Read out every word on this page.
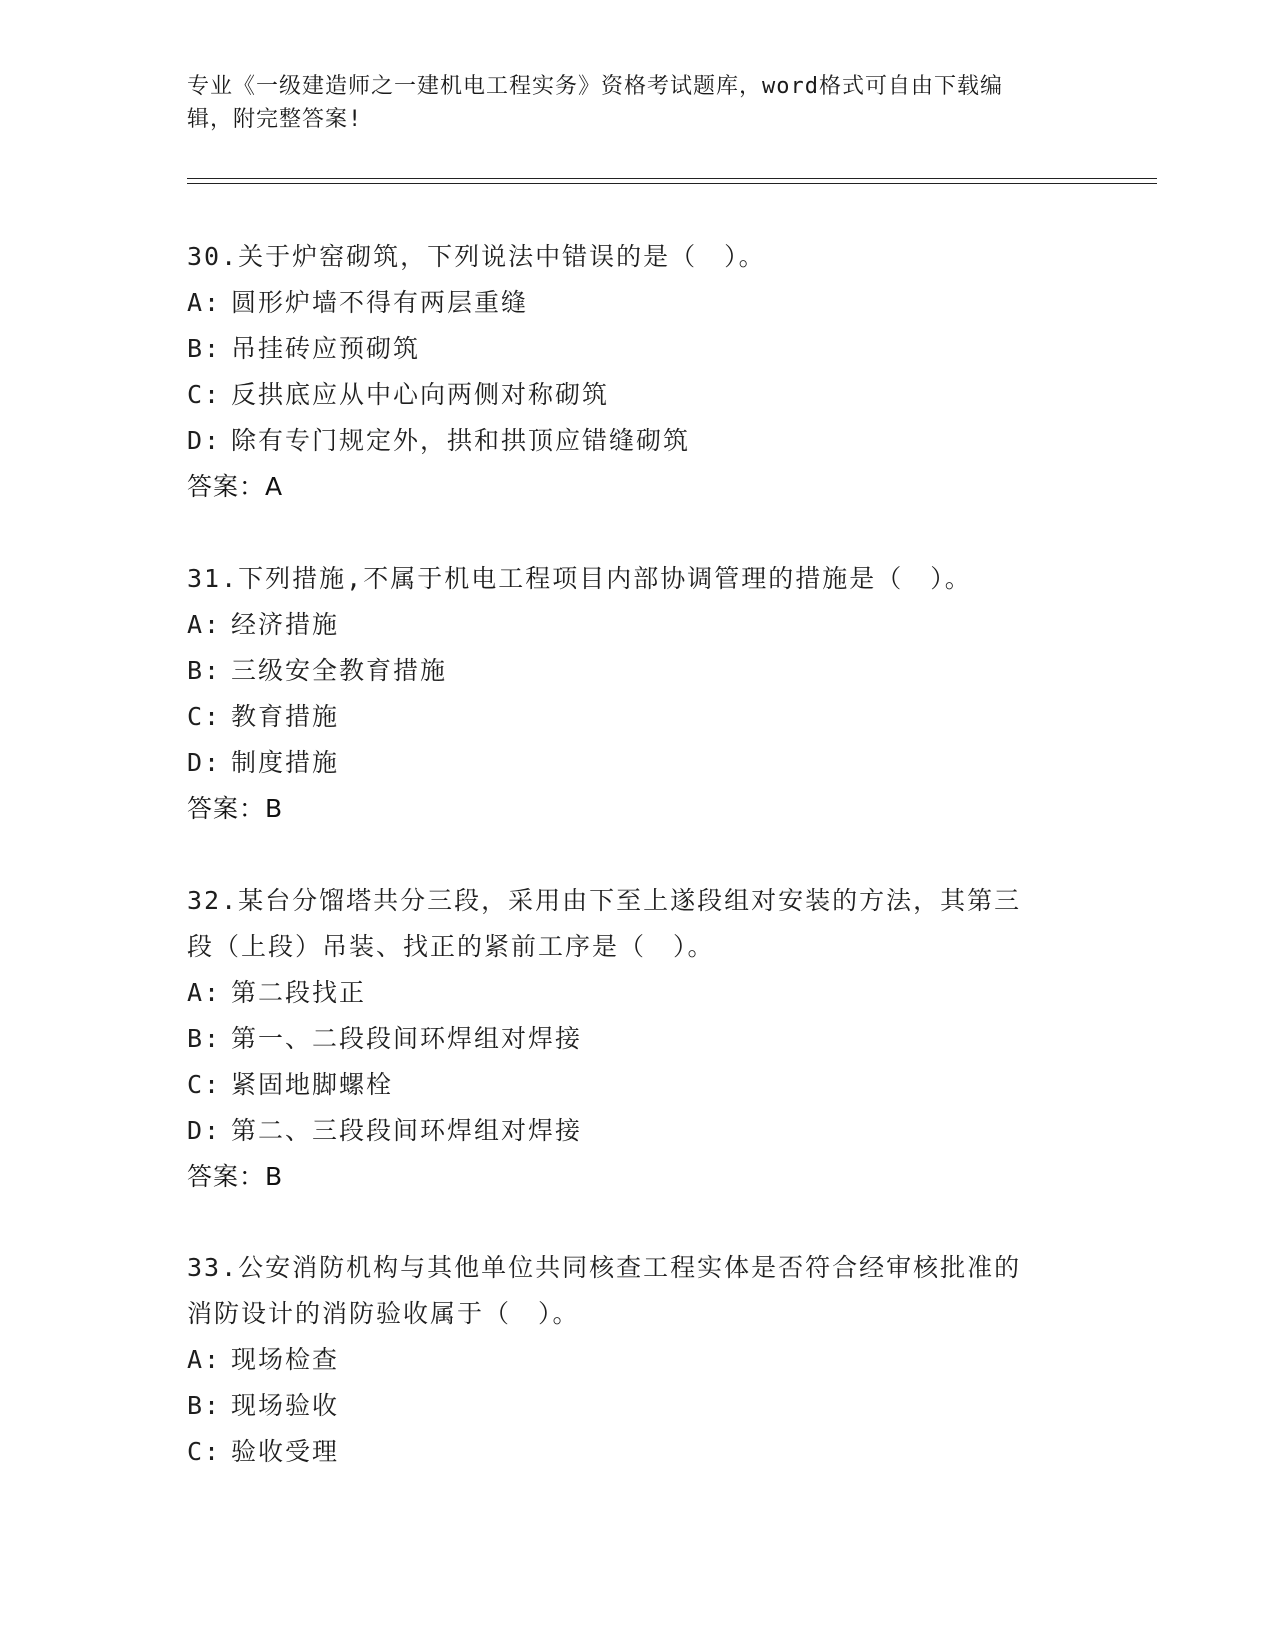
专业《一级建造师之一建机电工程实务》资格考试题库，word格式可自由下载编
辑，附完整答案!
30.关于炉窑砌筑，下列说法中错误的是（　）。
A: 圆形炉墙不得有两层重缝
B: 吊挂砖应预砌筑
C: 反拱底应从中心向两侧对称砌筑
D: 除有专门规定外，拱和拱顶应错缝砌筑
答案：A
31.下列措施,不属于机电工程项目内部协调管理的措施是（　）。
A: 经济措施
B: 三级安全教育措施
C: 教育措施
D: 制度措施
答案：B
32.某台分馏塔共分三段，采用由下至上遂段组对安装的方法，其第三
段（上段）吊装、找正的紧前工序是（　）。
A: 第二段找正
B: 第一、二段段间环焊组对焊接
C: 紧固地脚螺栓
D: 第二、三段段间环焊组对焊接
答案：B
33.公安消防机构与其他单位共同核查工程实体是否符合经审核批准的
消防设计的消防验收属于（　）。
A: 现场检查
B: 现场验收
C: 验收受理
